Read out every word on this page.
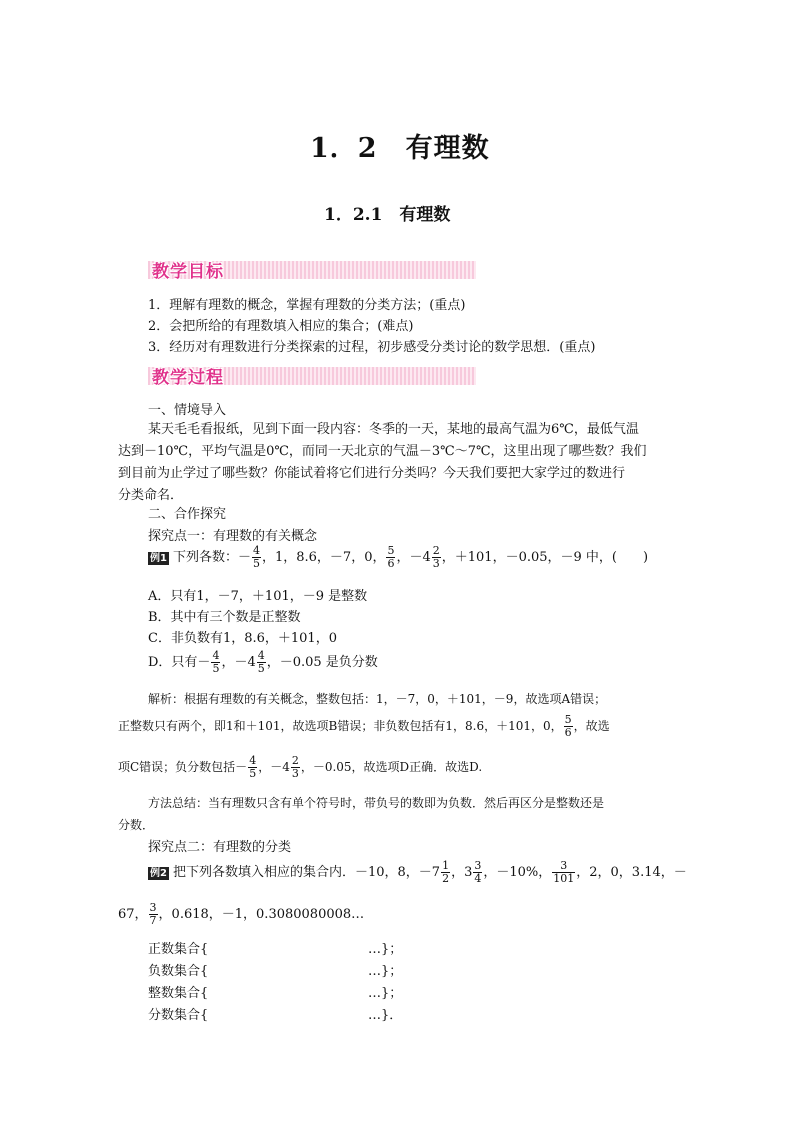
1．2　有理数
1．2.1　有理数
教学目标
1．理解有理数的概念，掌握有理数的分类方法；(重点)
2．会把所给的有理数填入相应的集合；(难点)
3．经历对有理数进行分类探索的过程，初步感受分类讨论的数学思想．(重点)
教学过程
一、情境导入
某天毛毛看报纸，见到下面一段内容：冬季的一天，某地的最高气温为6℃，最低气温
达到－10℃，平均气温是0℃，而同一天北京的气温－3℃～7℃，这里出现了哪些数？我们
到目前为止学过了哪些数？你能试着将它们进行分类吗？今天我们要把大家学过的数进行
分类命名．
二、合作探究
探究点一：有理数的有关概念
例1 下列各数：－ $\frac{4}{5}$ ，1，8.6，－7，0， $\frac{5}{6}$ ，$-4 \frac{2}{3}$ ，＋101，－0.05，－9 中，(　　)
A．只有1，－7，＋101，－9 是整数
B．其中有三个数是正整数
C．非负数有1，8.6，＋101，0
D．只有－ $\frac{4}{5}$ ，$-4 \frac{4}{5}$ ，－0.05 是负分数
解析：根据有理数的有关概念，整数包括：1，－7，0，＋101，－9，故选项A错误；
正整数只有两个，即1和＋101，故选项B错误；非负数包括有1，8.6，＋101，0， $\frac{5}{6}$ ，故选
项C错误；负分数包括－ $\frac{4}{5}$ ，$-4 \frac{2}{3}$ ，－0.05，故选项D正确．故选D.
方法总结：当有理数只含有单个符号时，带负号的数即为负数．然后再区分是整数还是
分数．
探究点二：有理数的分类
例2 把下列各数填入相应的集合内．－10，8，$-7 \frac{1}{2}$ ，$3 \frac{3}{4}$ ，－10%， $\frac{3}{101}$ ，2，0，3.14，－
67， $\frac{3}{7}$ ，0.618，－1，0.3080080008…
正数集合{	…}；
负数集合{	…}；
整数集合{	…}；
分数集合{	…}．
